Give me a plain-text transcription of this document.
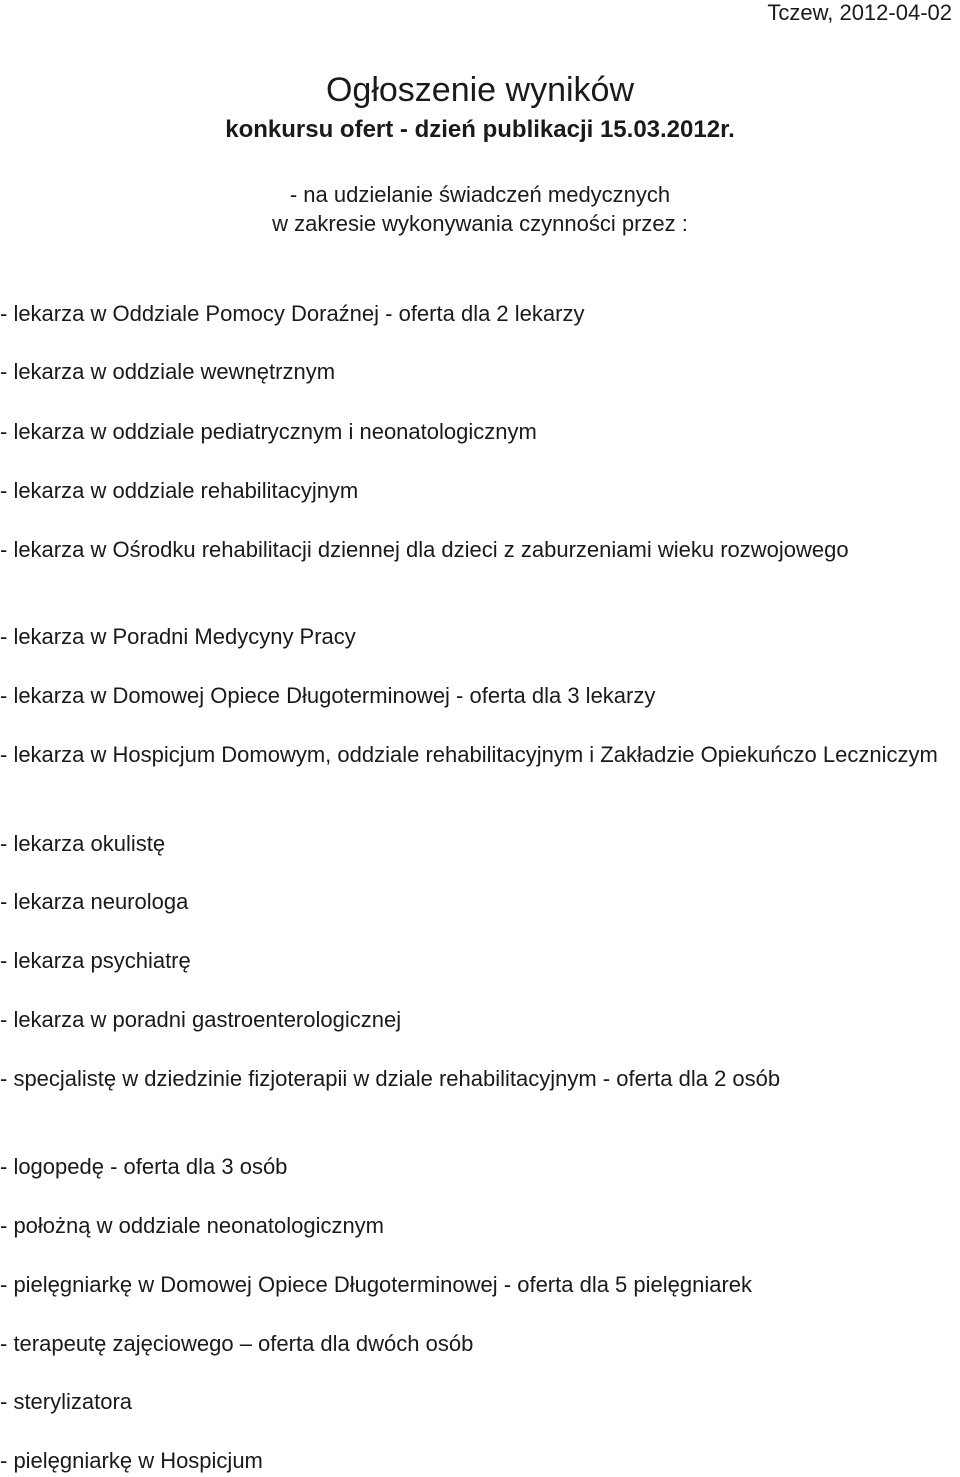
Tczew, 2012-04-02
Ogłoszenie wyników
konkursu ofert - dzień publikacji 15.03.2012r.
- na udzielanie świadczeń medycznych
w zakresie wykonywania czynności przez :

- lekarza w Oddziale Pomocy Doraźnej - oferta dla 2 lekarzy

- lekarza w oddziale wewnętrznym

- lekarza w oddziale pediatrycznym i neonatologicznym

- lekarza w oddziale rehabilitacyjnym

- lekarza w Ośrodku rehabilitacji dziennej dla dzieci z zaburzeniami wieku rozwojowego

- lekarza w Poradni Medycyny Pracy

- lekarza w Domowej Opiece Długoterminowej - oferta dla 3 lekarzy

- lekarza w Hospicjum Domowym, oddziale rehabilitacyjnym i Zakładzie Opiekuńczo Leczniczym

- lekarza okulistę

- lekarza neurologa

- lekarza psychiatrę

- lekarza w poradni gastroenterologicznej

- specjalistę w dziedzinie fizjoterapii w dziale rehabilitacyjnym - oferta dla 2 osób

- logopedę - oferta dla 3 osób

- położną w oddziale neonatologicznym

- pielęgniarkę w Domowej Opiece Długoterminowej - oferta dla 5 pielęgniarek

- terapeutę zajęciowego – oferta dla dwóch osób

- sterylizatora

- pielęgniarkę w Hospicjum
